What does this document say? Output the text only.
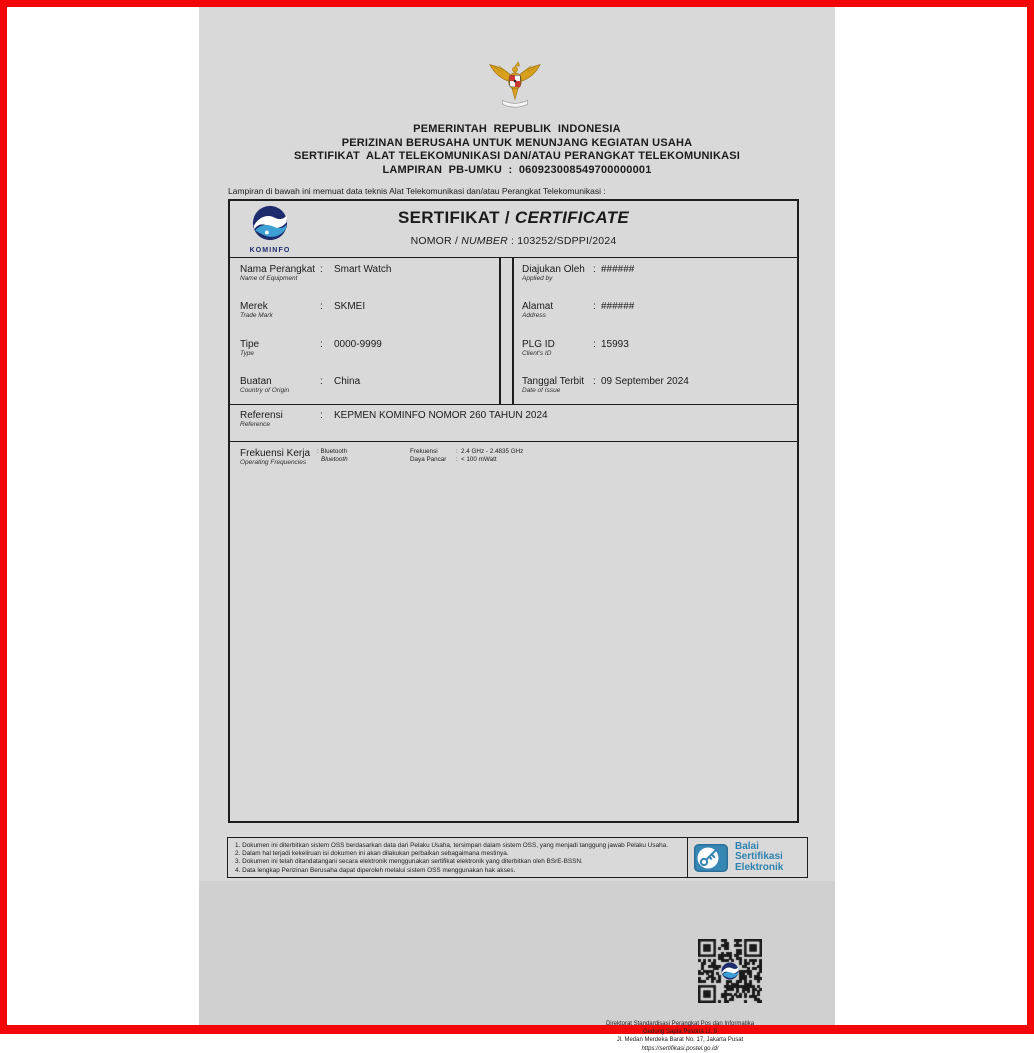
PEMERINTAH  REPUBLIK  INDONESIA
PERIZINAN BERUSAHA UNTUK MENUNJANG KEGIATAN USAHA
SERTIFIKAT  ALAT TELEKOMUNIKASI DAN/ATAU PERANGKAT TELEKOMUNIKASI
LAMPIRAN  PB-UMKU  :  060923008549700000001
Lampiran di bawah ini memuat data teknis Alat Telekomunikasi dan/atau Perangkat Telekomunikasi :
KOMINFO
SERTIFIKAT / CERTIFICATE
NOMOR / NUMBER : 103252/SDPPI/2024
Nama Perangkat
Name of Equipment
:	Smart Watch
Merek
Trade Mark
:	SKMEI
Tipe
Type
:	0000-9999
Buatan
Country of Origin
:	China
Diajukan Oleh
Applied by
: ######
Alamat
Address
: ######
PLG ID
Client's ID
: 15993
Tanggal Terbit
Date of Issue
: 09 September 2024
Referensi
Reference
:	KEPMEN KOMINFO NOMOR 260 TAHUN 2024
Frekuensi Kerja
Operating Frequencies
: Bluetooth
Bluetooth
Frekuensi	: 2.4 GHz - 2.4835 GHz
Daya Pancar	: < 100 mWatt
Direktorat Standardisasi Perangkat Pos dan Informatika
Gedung Sapta Pesona Lt. 8
Jl. Medan Merdeka Barat No. 17, Jakarta Pusat
https://sertifikasi.postel.go.id/
1. Dokumen ini diterbitkan sistem OSS berdasarkan data dari Pelaku Usaha, tersimpan dalam sistem OSS, yang menjadi tanggung jawab Pelaku Usaha.
2. Dalam hal terjadi kekeliruan isi dokumen ini akan dilakukan perbaikan sebagaimana mestinya.
3. Dokumen ini telah ditandatangani secara elektronik menggunakan sertifikat elektronik yang diterbitkan oleh BSrE-BSSN.
4. Data lengkap Perizinan Berusaha dapat diperoleh melalui sistem OSS menggunakan hak akses.
Balai
Sertifikasi
Elektronik
